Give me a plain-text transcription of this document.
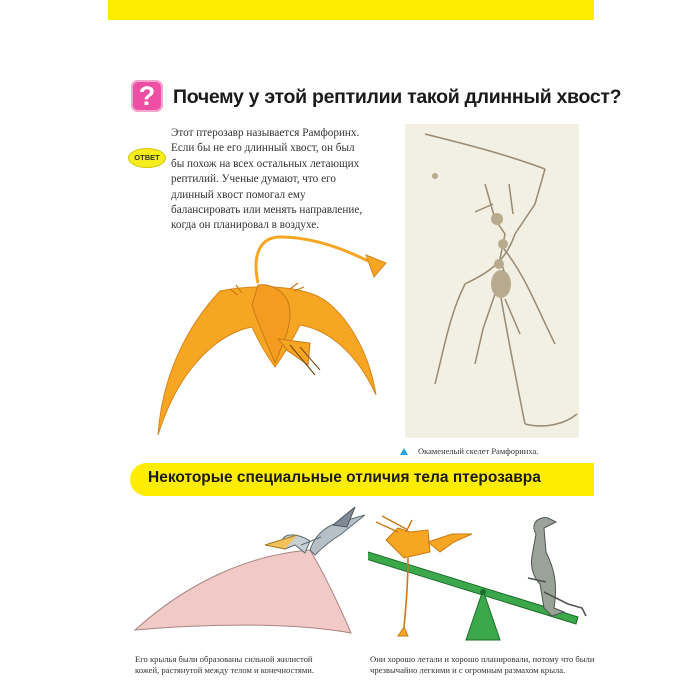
? Почему у этой рептилии такой длинный хвост?
ОТВЕТ

Этот птерозавр называется Рамфоринх.

Если бы не его длинный хвост, он был

бы похож на всех остальных летающих

рептилий. Ученые думают, что его

длинный хвост помогал ему

балансировать или менять направление,

когда он планировал в воздухе.

Окаменелый скелет Рамфоринха.
Некоторые специальные отличия тела птерозавра

Его крылья были образованы сильной жилистой

кожей, растянутой между телом и конечностями.

Они хорошо летали и хорошо планировали, потому что были

чрезвычайно легкими и с огромным размахом крыла.
